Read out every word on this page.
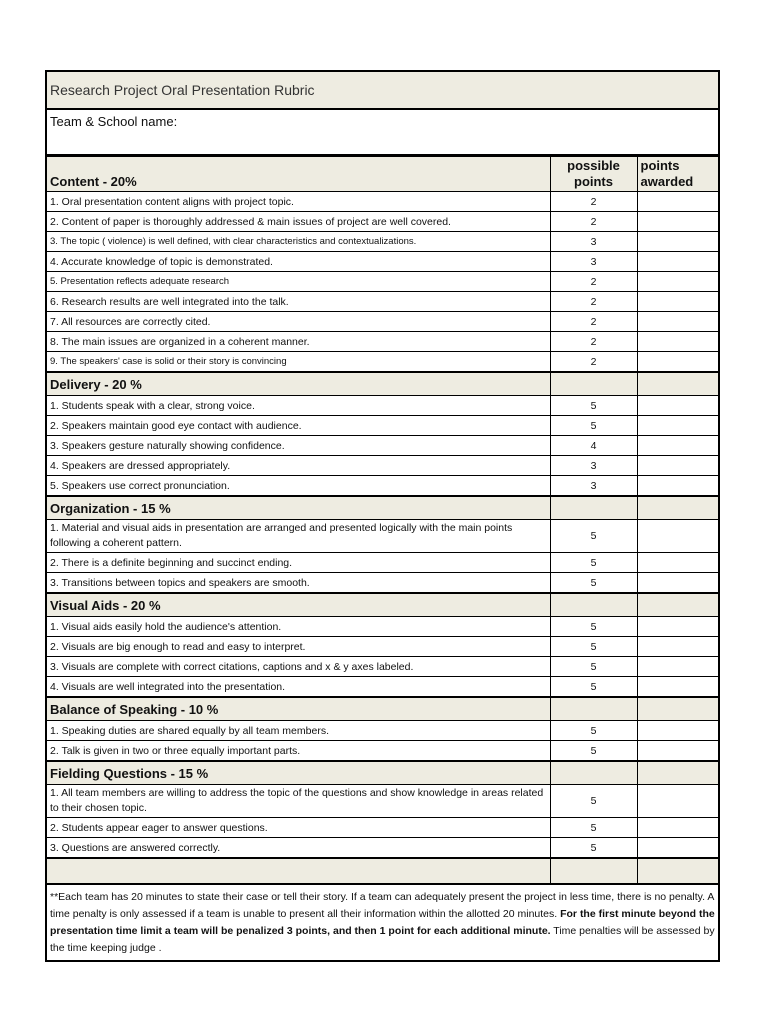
Research Project Oral Presentation Rubric		
Team & School name:		
Content - 20%	possible points	points awarded
1. Oral presentation content aligns with project topic.	2	
2. Content of paper is thoroughly addressed & main issues of project are well covered.	2	
3. The topic ( violence) is well defined, with clear characteristics and contextualizations.	3	
4. Accurate knowledge of topic is demonstrated.	3	
5. Presentation reflects adequate research	2	
6. Research results are well integrated into the talk.	2	
7. All resources are correctly cited.	2	
8. The main issues are organized in a coherent manner.	2	
9. The speakers' case is solid or their story is convincing	2	
Delivery - 20 %		
1. Students speak with a clear, strong voice.	5	
2. Speakers maintain good eye contact with audience.	5	
3. Speakers gesture naturally showing confidence.	4	
4. Speakers are dressed appropriately.	3	
5. Speakers use correct pronunciation.	3	
Organization - 15 %		
1. Material and visual aids in presentation are arranged and presented logically with the main points following a coherent pattern.	5	
2. There is a definite beginning and succinct ending.	5	
3. Transitions between topics and speakers are smooth.	5	
Visual Aids - 20 %		
1. Visual aids easily hold the audience's attention.	5	
2. Visuals are big enough to read and easy to interpret.	5	
3. Visuals are complete with correct citations, captions and x & y axes labeled.	5	
4. Visuals are well integrated into the presentation.	5	
Balance of Speaking - 10 %		
1. Speaking duties are shared equally by all team members.	5	
2. Talk is given in two or three equally important parts.	5	
Fielding Questions - 15 %		
1. All team members are willing to address the topic of the questions and show knowledge in areas related to their chosen topic.	5	
2. Students appear eager to answer questions.	5	
3. Questions are answered correctly.	5	

**Each team has 20 minutes to state their case or tell their story. If a team can adequately present the project in less time, there is no penalty. A time penalty is only assessed if a team is unable to present all their information within the allotted 20 minutes. For the first minute beyond the presentation time limit a team will be penalized 3 points, and then 1 point for each additional minute. Time penalties will be assessed by the time keeping judge .		
